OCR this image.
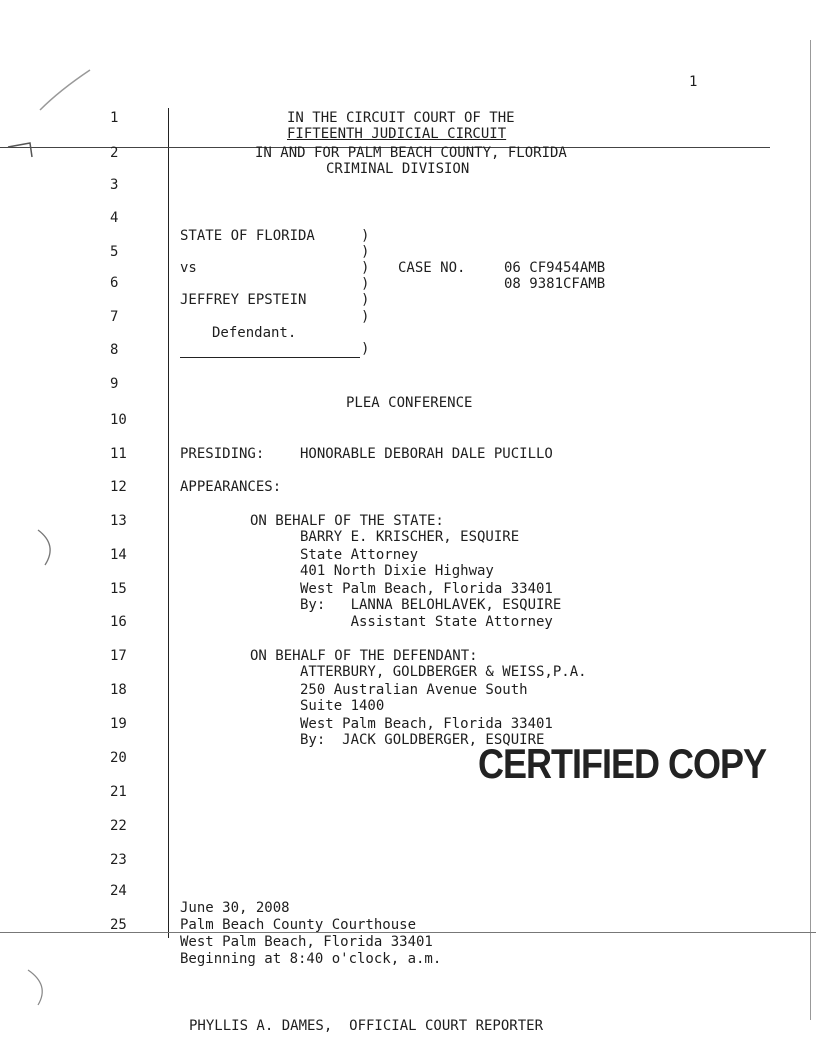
1
1
2
3
4
5
6
7
8
9
10
11
12
13
14
15
16
17
18
19
20
21
22
23
24
25
IN THE CIRCUIT COURT OF THE
FIFTEENTH JUDICIAL CIRCUIT
IN AND FOR PALM BEACH COUNTY, FLORIDA
CRIMINAL DIVISION
STATE OF FLORIDA
vs
JEFFREY EPSTEIN
Defendant.
)
)
)
)
)
)
)
CASE NO.	06 CF9454AMB
08 9381CFAMB
PLEA CONFERENCE
PRESIDING:	HONORABLE DEBORAH DALE PUCILLO
APPEARANCES:
ON BEHALF OF THE STATE:
BARRY E. KRISCHER, ESQUIRE
State Attorney
401 North Dixie Highway
West Palm Beach, Florida 33401
By:   LANNA BELOHLAVEK, ESQUIRE
Assistant State Attorney
ON BEHALF OF THE DEFENDANT:
ATTERBURY, GOLDBERGER & WEISS,P.A.
250 Australian Avenue South
Suite 1400
West Palm Beach, Florida 33401
By:  JACK GOLDBERGER, ESQUIRE
CERTIFIED COPY
June 30, 2008
Palm Beach County Courthouse
West Palm Beach, Florida 33401
Beginning at 8:40 o'clock, a.m.
PHYLLIS A. DAMES,  OFFICIAL COURT REPORTER
